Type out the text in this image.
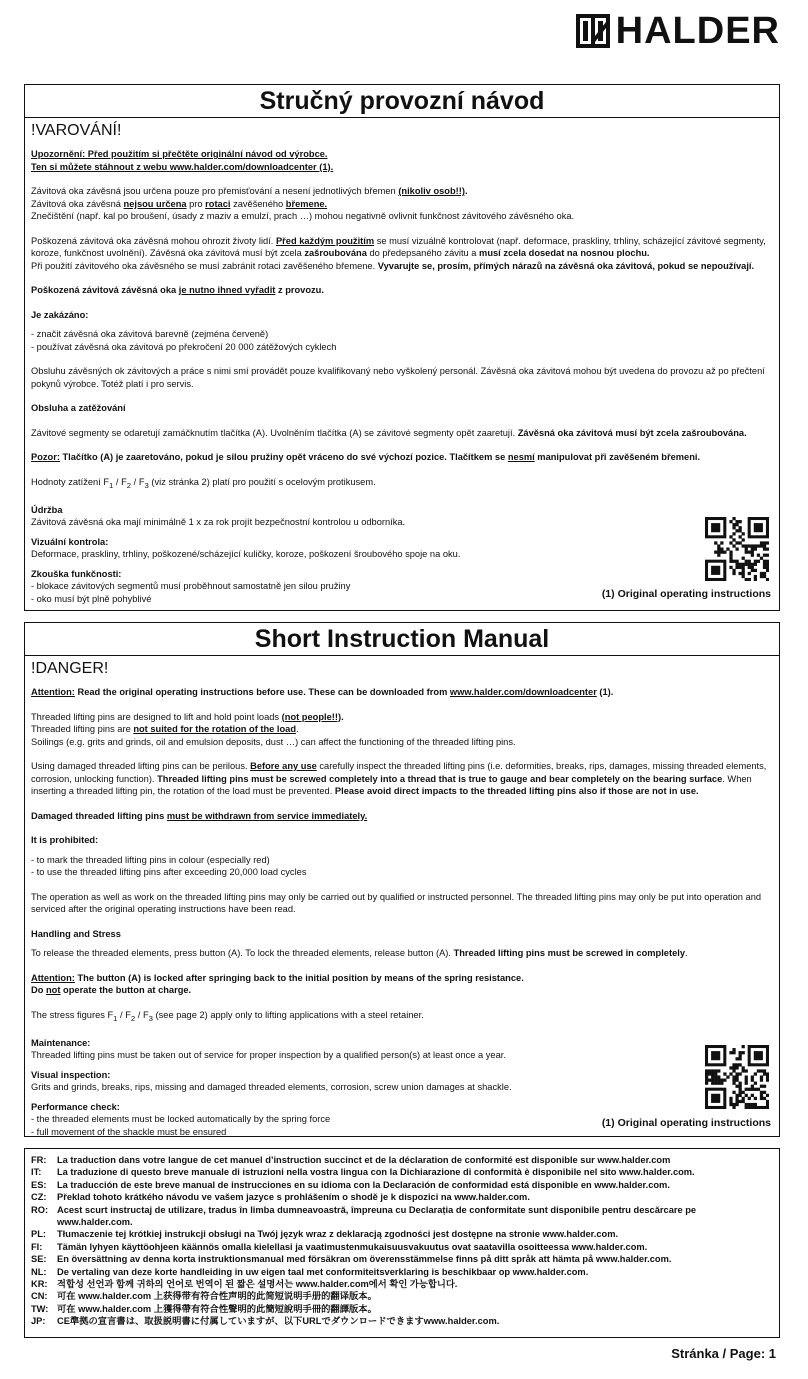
HALDER
Stručný provozní návod
!VAROVÁNÍ!

Upozornění: Před použitím si přečtěte originální návod od výrobce.

Ten si můžete stáhnout z webu www.halder.com/downloadcenter (1).

Závitová oka závěsná jsou určena pouze pro přemisťování a nesení jednotlivých břemen (nikoliv osob!!).

Závitová oka závěsná nejsou určena pro rotaci zavěšeného břemene.

Znečištění (např. kal po broušení, úsady z maziv a emulzí, prach …) mohou negativně ovlivnit funkčnost závitového závěsného oka.

Poškozená závitová oka závěsná mohou ohrozit životy lidí. Před každým použitím se musí vizuálně kontrolovat (např. deformace, praskliny, trhliny, scházející závitové segmenty, koroze, funkčnost uvolnění). Závěsná oka závitová musí být zcela zašroubována do předepsaného závitu a musí zcela dosedat na nosnou plochu.

Při použití závitového oka závěsného se musí zabránit rotaci zavěšeného břemene. Vyvarujte se, prosím, přímých nárazů na závěsná oka závitová, pokud se nepoužívají.

Poškozená závitová závěsná oka je nutno ihned vyřadit z provozu.

Je zakázáno:

- značit závěsná oka závitová barevně (zejména červeně)

- používat závěsná oka závitová po překročení 20 000 zátěžových cyklech

Obsluhu závěsných ok závitových a práce s nimi smí provádět pouze kvalifikovaný nebo vyškolený personál. Závěsná oka závitová mohou být uvedena do provozu až po přečtení pokynů výrobce. Totéž platí i pro servis.

Obsluha a zatěžování

Závitové segmenty se odaretují zamáčknutím tlačítka (A). Uvolněním tlačítka (A) se závitové segmenty opět zaaretují. Závěsná oka závitová musí být zcela zašroubována.

Pozor: Tlačítko (A) je zaaretováno, pokud je silou pružiny opět vráceno do své výchozí pozice. Tlačítkem se nesmí manipulovat při zavěšeném břemeni.

Hodnoty zatížení $F_1 / F_2 / F_3$ (viz stránka 2) platí pro použití s ocelovým protikusem.

Údržba

Závitová závěsná oka mají minimálně 1 x za rok projít bezpečnostní kontrolou u odborníka.

Vizuální kontrola:

Deformace, praskliny, trhliny, poškozené/scházející kuličky, koroze, poškození šroubového spoje na oku.

Zkouška funkčnosti:

- blokace závitových segmentů musí proběhnout samostatně jen silou pružiny

- oko musí být plně pohyblivé	(1) Original operating instructions
Short Instruction Manual
!DANGER!

Attention: Read the original operating instructions before use. These can be downloaded from www.halder.com/downloadcenter (1).

Threaded lifting pins are designed to lift and hold point loads (not people!!).

Threaded lifting pins are not suited for the rotation of the load.

Soilings (e.g. grits and grinds, oil and emulsion deposits, dust …) can affect the functioning of the threaded lifting pins.

Using damaged threaded lifting pins can be perilous. Before any use carefully inspect the threaded lifting pins (i.e. deformities, breaks, rips, damages, missing threaded elements, corrosion, unlocking function). Threaded lifting pins must be screwed completely into a thread that is true to gauge and bear completely on the bearing surface. When inserting a threaded lifting pin, the rotation of the load must be prevented. Please avoid direct impacts to the threaded lifting pins also if those are not in use.

Damaged threaded lifting pins must be withdrawn from service immediately.

It is prohibited:

- to mark the threaded lifting pins in colour (especially red)

- to use the threaded lifting pins after exceeding 20,000 load cycles

The operation as well as work on the threaded lifting pins may only be carried out by qualified or instructed personnel. The threaded lifting pins may only be put into operation and serviced after the original operating instructions have been read.

Handling and Stress

To release the threaded elements, press button (A). To lock the threaded elements, release button (A). Threaded lifting pins must be screwed in completely.

Attention: The button (A) is locked after springing back to the initial position by means of the spring resistance.

Do not operate the button at charge.

The stress figures $F_1 / F_2 / F_3$ (see page 2) apply only to lifting applications with a steel retainer.

Maintenance:

Threaded lifting pins must be taken out of service for proper inspection by a qualified person(s) at least once a year.

Visual inspection:

Grits and grinds, breaks, rips, missing and damaged threaded elements, corrosion, screw union damages at shackle.

Performance check:

- the threaded elements must be locked automatically by the spring force

- full movement of the shackle must be ensured

(1) Original operating instructions
FR:	La traduction dans votre langue de cet manuel d’instruction succinct et de la déclaration de conformité est disponible sur www.halder.com
IT:	La traduzione di questo breve manuale di istruzioni nella vostra lingua con la Dichiarazione di conformità è disponibile nel sito www.halder.com.
ES:	La traducción de este breve manual de instrucciones en su idioma con la Declaración de conformidad está disponible en www.halder.com.
CZ:	Překlad tohoto krátkého návodu ve vašem jazyce s prohlášením o shodě je k dispozici na www.halder.com.
RO: Acest scurt instructaj de utilizare, tradus în limba dumneavoastră, împreuna cu Declarația de conformitate sunt disponibile pentru descărcare pe www.halder.com.
PL:	Tłumaczenie tej krótkiej instrukcji obsługi na Twój język wraz z deklaracją zgodności jest dostępne na stronie www.halder.com.
FI:	Tämän lyhyen käyttöohjeen käännös omalla kielellasi ja vaatimustenmukaisuusvakuutus ovat saatavilla osoitteessa www.halder.com.
SE:	En översättning av denna korta instruktionsmanual med försäkran om överensstämmelse finns på ditt språk att hämta på www.halder.com.
NL:	De vertaling van deze korte handleiding in uw eigen taal met conformiteitsverklaring is beschikbaar op www.halder.com.
KR:	적합성 선언과 함께 귀하의 언어로 번역이 된 짧은 설명서는 www.halder.com에서 확인 가능합니다.
CN:	可在 www.halder.com 上获得带有符合性声明的此简短说明手册的翻译版本。
TW: 可在 www.halder.com 上獲得帶有符合性聲明的此簡短說明手冊的翻譯版本。
JP:	CE準拠の宣言書は、取扱説明書に付属していますが、以下URLでダウンロードできますwww.halder.com.
Stránka / Page: 1
